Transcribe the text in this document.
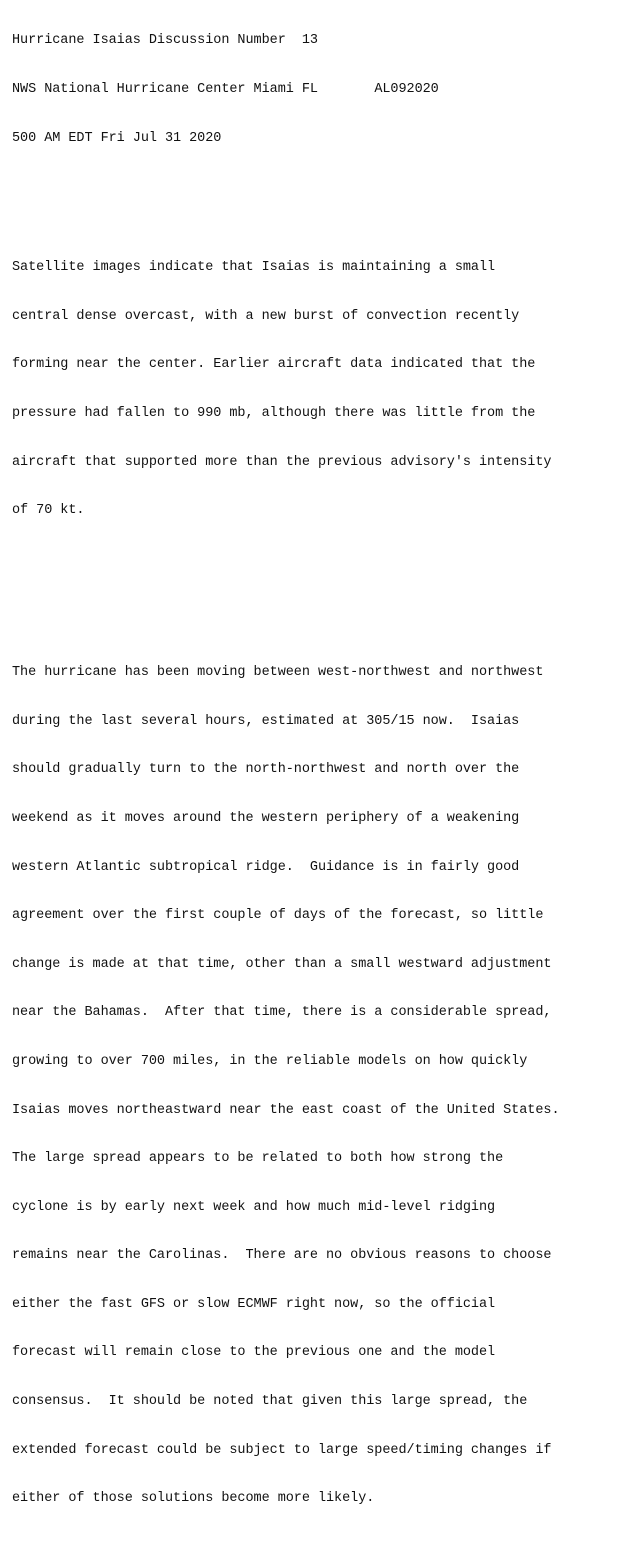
Hurricane Isaias Discussion Number  13

NWS National Hurricane Center Miami FL	AL092020

500 AM EDT Fri Jul 31 2020

Satellite images indicate that Isaias is maintaining a small

central dense overcast, with a new burst of convection recently

forming near the center. Earlier aircraft data indicated that the

pressure had fallen to 990 mb, although there was little from the

aircraft that supported more than the previous advisory's intensity

of 70 kt.

The hurricane has been moving between west-northwest and northwest

during the last several hours, estimated at 305/15 now.  Isaias

should gradually turn to the north-northwest and north over the

weekend as it moves around the western periphery of a weakening

western Atlantic subtropical ridge.  Guidance is in fairly good

agreement over the first couple of days of the forecast, so little

change is made at that time, other than a small westward adjustment

near the Bahamas.  After that time, there is a considerable spread,

growing to over 700 miles, in the reliable models on how quickly

Isaias moves northeastward near the east coast of the United States.

The large spread appears to be related to both how strong the

cyclone is by early next week and how much mid-level ridging

remains near the Carolinas.  There are no obvious reasons to choose

either the fast GFS or slow ECMWF right now, so the official

forecast will remain close to the previous one and the model

consensus.  It should be noted that given this large spread, the

extended forecast could be subject to large speed/timing changes if

either of those solutions become more likely.
